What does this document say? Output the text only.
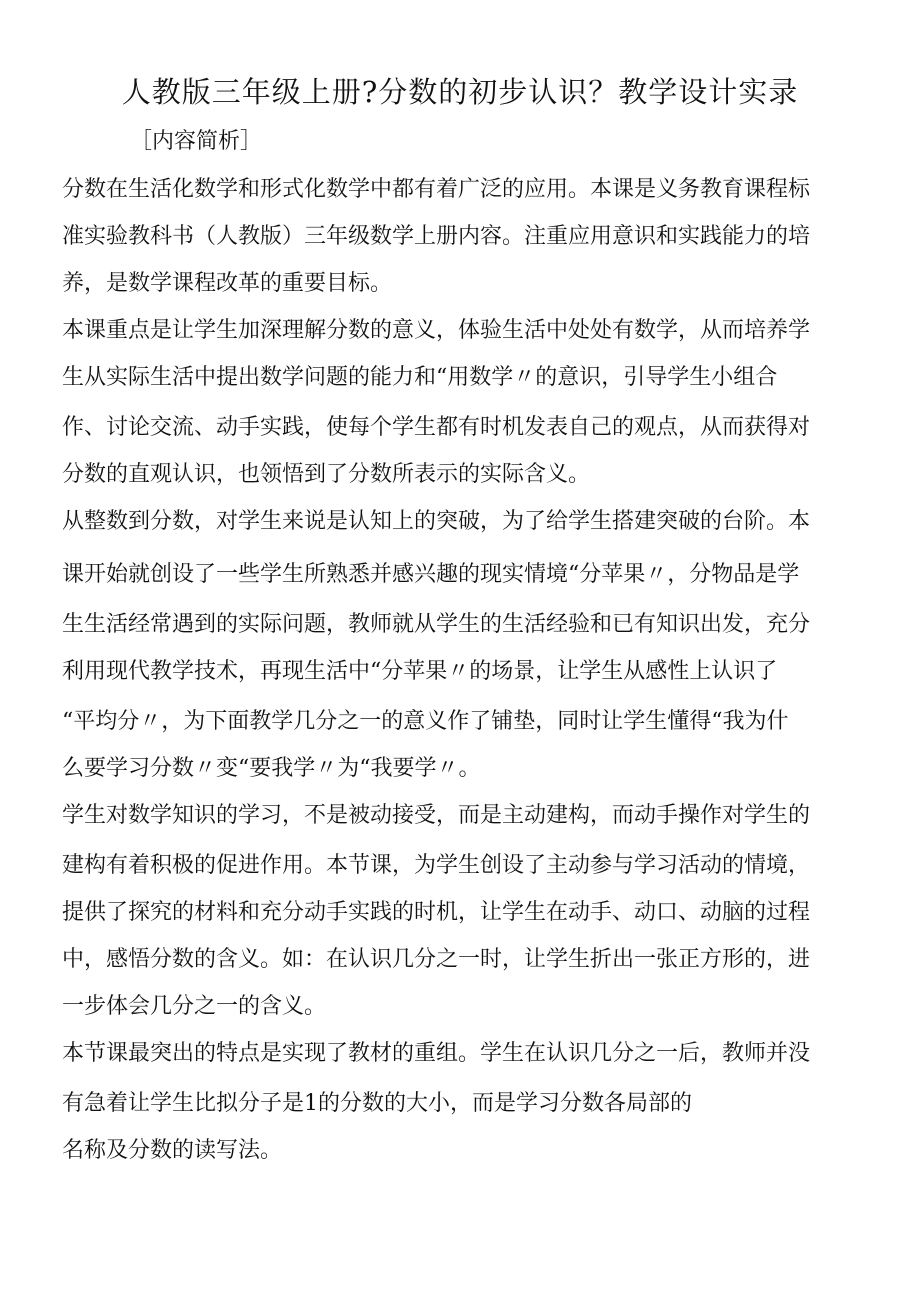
人教版三年级上册?分数的初步认识？教学设计实录
［内容简析］
分数在生活化数学和形式化数学中都有着广泛的应用。本课是义务教育课程标
准实验教科书（人教版）三年级数学上册内容。注重应用意识和实践能力的培
养，是数学课程改革的重要目标。
本课重点是让学生加深理解分数的意义，体验生活中处处有数学，从而培养学
生从实际生活中提出数学问题的能力和“用数学〃的意识，引导学生小组合
作、讨论交流、动手实践，使每个学生都有时机发表自己的观点，从而获得对
分数的直观认识，也领悟到了分数所表示的实际含义。
从整数到分数，对学生来说是认知上的突破，为了给学生搭建突破的台阶。本
课开始就创设了一些学生所熟悉并感兴趣的现实情境“分苹果〃，分物品是学
生生活经常遇到的实际问题，教师就从学生的生活经验和已有知识出发，充分
利用现代教学技术，再现生活中“分苹果〃的场景，让学生从感性上认识了
“平均分〃，为下面教学几分之一的意义作了铺垫，同时让学生懂得“我为什
么要学习分数〃变“要我学〃为“我要学〃。
学生对数学知识的学习，不是被动接受，而是主动建构，而动手操作对学生的
建构有着积极的促进作用。本节课，为学生创设了主动参与学习活动的情境，
提供了探究的材料和充分动手实践的时机，让学生在动手、动口、动脑的过程
中，感悟分数的含义。如：在认识几分之一时，让学生折出一张正方形的，进
一步体会几分之一的含义。
本节课最突出的特点是实现了教材的重组。学生在认识几分之一后，教师并没
有急着让学生比拟分子是1的分数的大小，而是学习分数各局部的
名称及分数的读写法。
